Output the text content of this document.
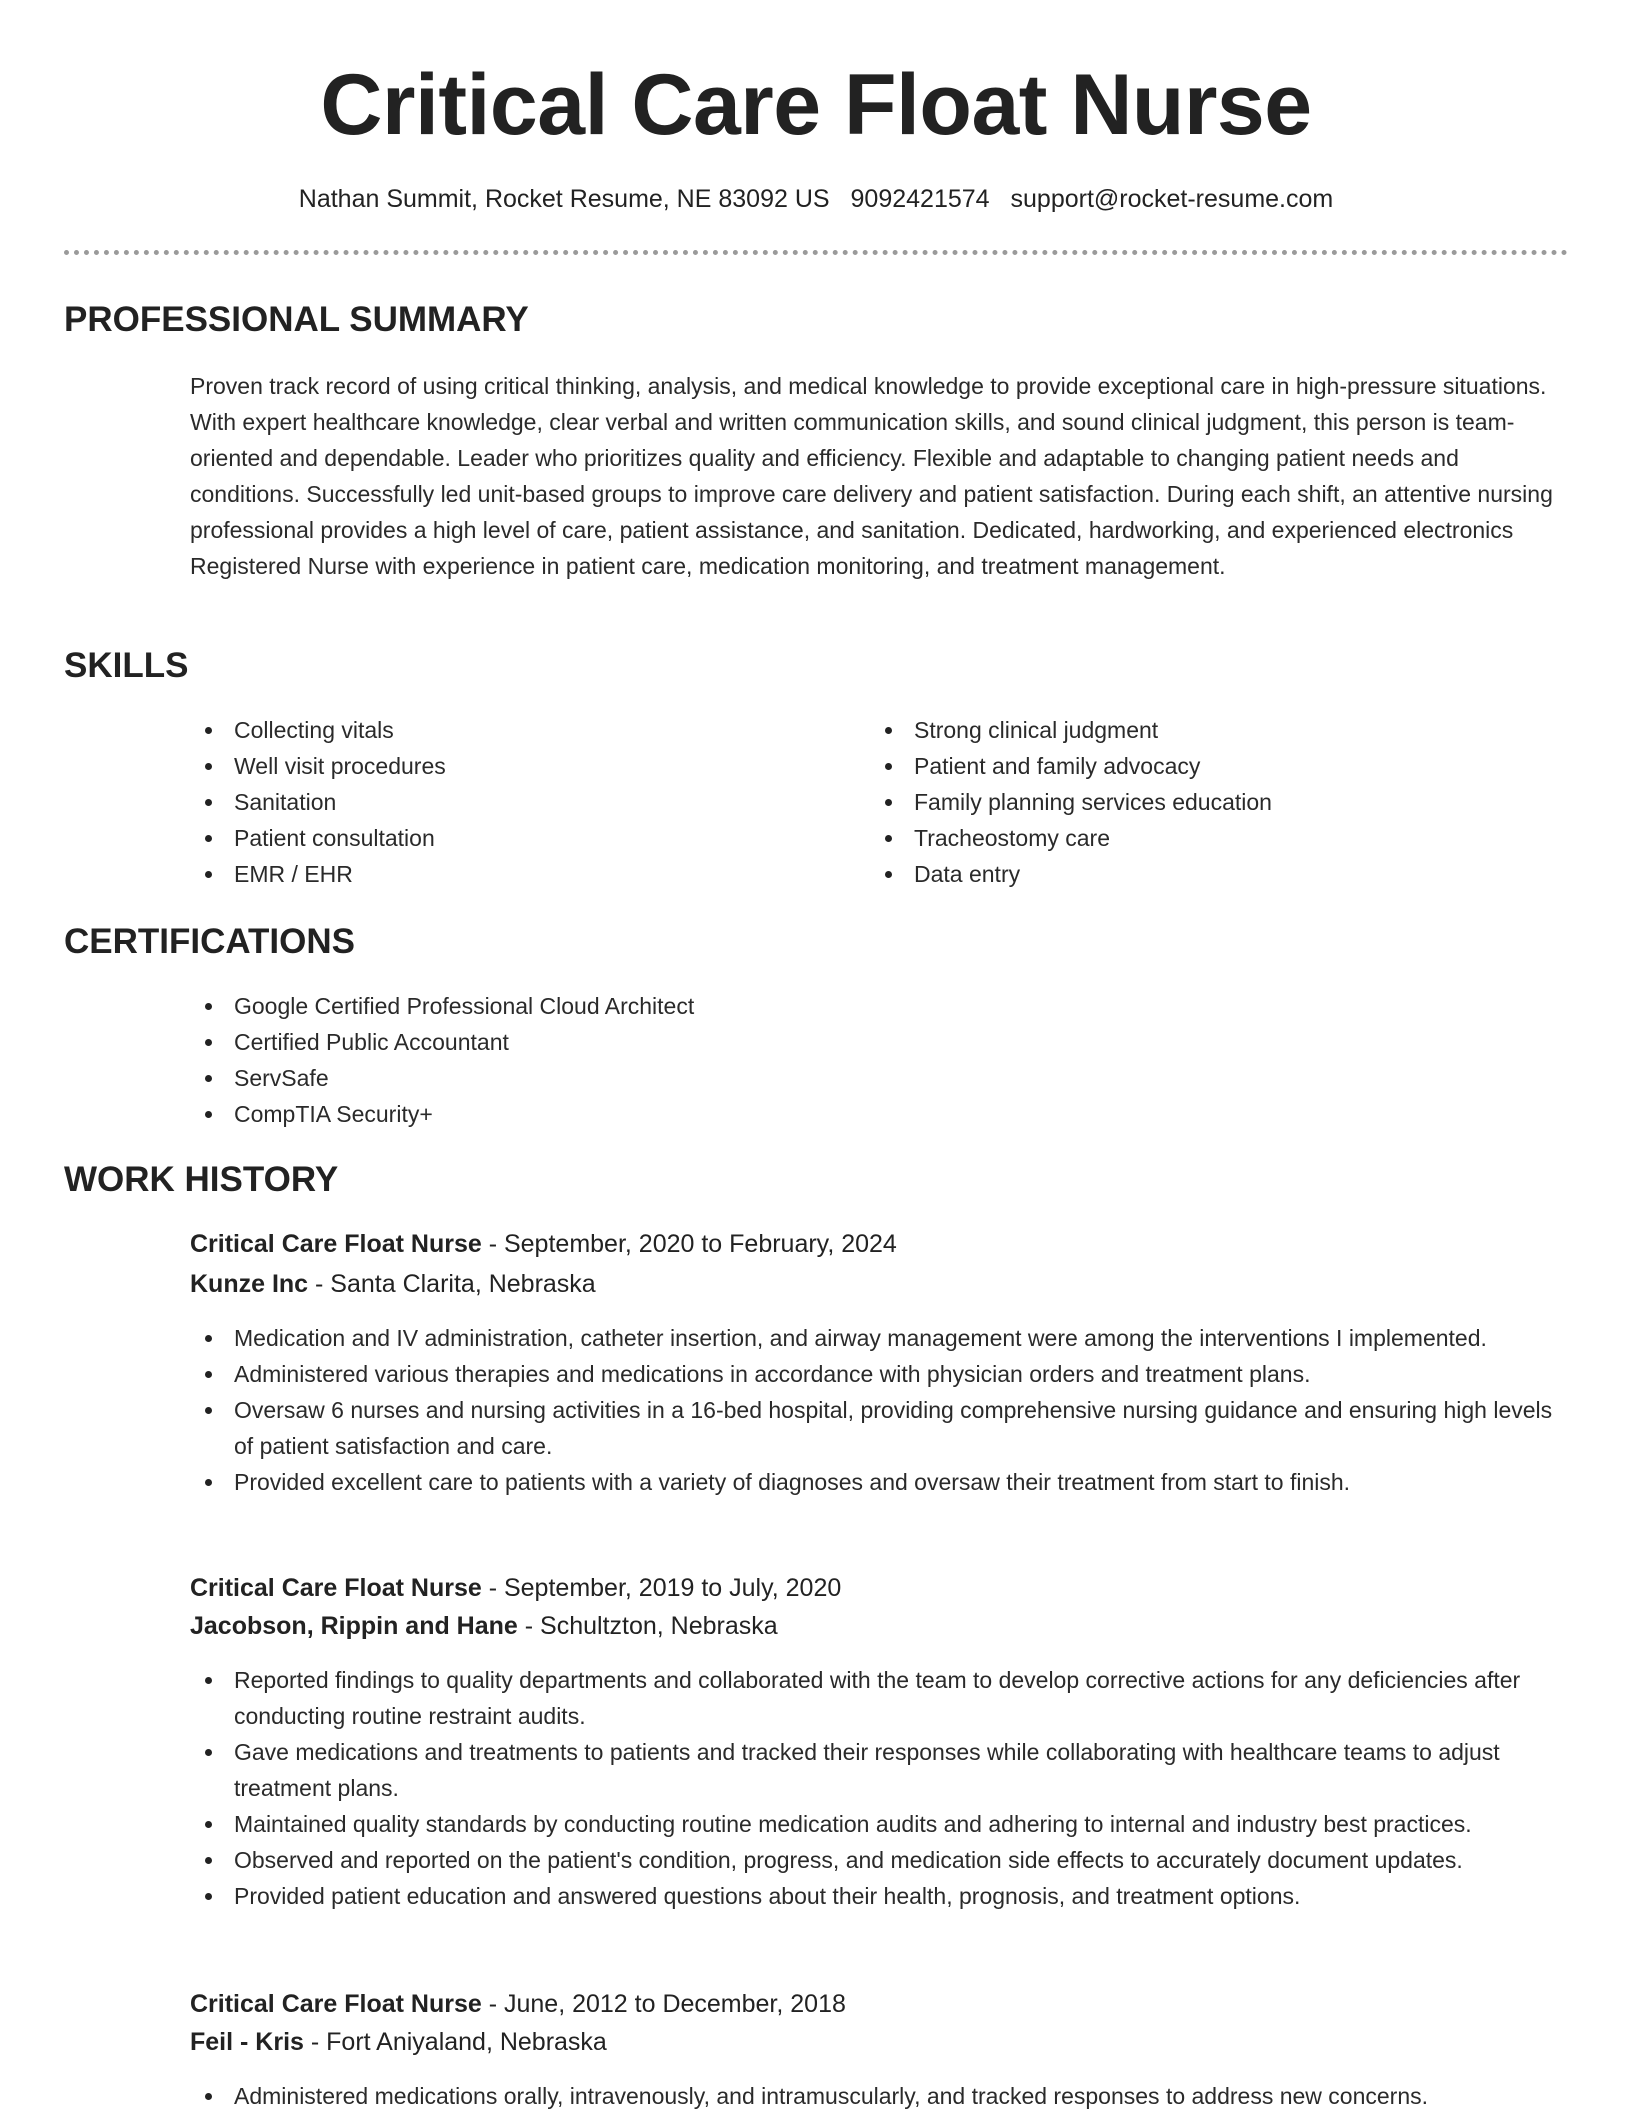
Critical Care Float Nurse
Nathan Summit, Rocket Resume, NE 83092 US 9092421574 support@rocket-resume.com
PROFESSIONAL SUMMARY

Proven track record of using critical thinking, analysis, and medical knowledge to provide exceptional care in high-pressure situations. With expert healthcare knowledge, clear verbal and written communication skills, and sound clinical judgment, this person is team-oriented and dependable. Leader who prioritizes quality and efficiency. Flexible and adaptable to changing patient needs and conditions. Successfully led unit-based groups to improve care delivery and patient satisfaction. During each shift, an attentive nursing professional provides a high level of care, patient assistance, and sanitation. Dedicated, hardworking, and experienced electronics Registered Nurse with experience in patient care, medication monitoring, and treatment management.

SKILLS
Collecting vitals
Well visit procedures
Sanitation
Patient consultation
EMR / EHR
Strong clinical judgment
Patient and family advocacy
Family planning services education
Tracheostomy care
Data entry
CERTIFICATIONS
Google Certified Professional Cloud Architect
Certified Public Accountant
ServSafe
CompTIA Security+
WORK HISTORY
Critical Care Float Nurse - September, 2020 to February, 2024
Kunze Inc - Santa Clarita, Nebraska
Medication and IV administration, catheter insertion, and airway management were among the interventions I implemented.
Administered various therapies and medications in accordance with physician orders and treatment plans.
Oversaw 6 nurses and nursing activities in a 16-bed hospital, providing comprehensive nursing guidance and ensuring high levels of patient satisfaction and care.
Provided excellent care to patients with a variety of diagnoses and oversaw their treatment from start to finish.
Critical Care Float Nurse - September, 2019 to July, 2020
Jacobson, Rippin and Hane - Schultzton, Nebraska
Reported findings to quality departments and collaborated with the team to develop corrective actions for any deficiencies after conducting routine restraint audits.
Gave medications and treatments to patients and tracked their responses while collaborating with healthcare teams to adjust treatment plans.
Maintained quality standards by conducting routine medication audits and adhering to internal and industry best practices.
Observed and reported on the patient's condition, progress, and medication side effects to accurately document updates.
Provided patient education and answered questions about their health, prognosis, and treatment options.
Critical Care Float Nurse - June, 2012 to December, 2018
Feil - Kris - Fort Aniyaland, Nebraska
Administered medications orally, intravenously, and intramuscularly, and tracked responses to address new concerns.
